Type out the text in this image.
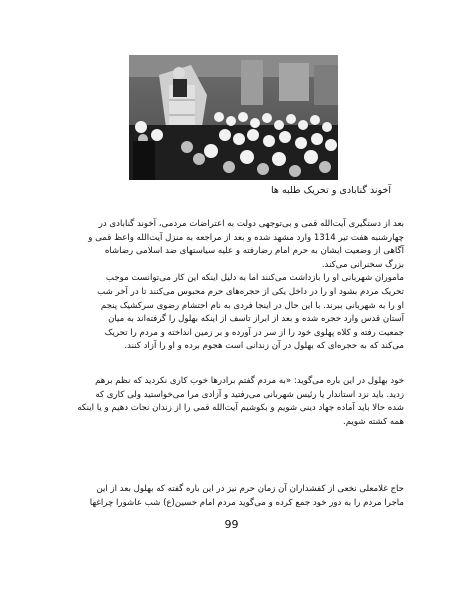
آخوند گنابادی و تحریک طلبه ها

بعد از دستگیری آیت‌الله قمی و بی‌توجهی دولت به اعتراضات مردمی، آخوند گنابادی در

چهارشنبه هفت تیر 1314 وارد مشهد شده و بعد از مراجعه به منزل آیت‌الله واعظ قمی و

آگاهی از وضعیت ایشان به حرم امام رضارفته و علیه سیاستهای ضد اسلامی رضاشاه

بزرگ سخنرانی می‌کند.

ماموران شهربانی او را بازداشت می‌کنند اما به دلیل اینکه این کار می‌توانست موجب

تحریک مردم بشود او را در داخل یکی از حجره‌های حرم محبوس می‌کنند تا در آخر شب

او را به شهربانی ببرند. با این حال در اینجا فردی به نام احتشام رضوی سرکشیک پنجم

آستان قدس وارد حجره شده و بعد از ابراز تاسف از اینکه بهلول را گرفته‌اند به میان

جمعیت رفته و کلاه پهلوی خود را از سر در آورده و بر زمین انداخته و مردم را تحریک

می‌کند که به حجره‌ای که بهلول در آن زندانی است هجوم برده و او را آزاد کنند.

خود بهلول در این باره می‌گوید: «به مردم گفتم برادرها خوب کاری نکردید که نظم برهم

زدید. باید نزد استاندار یا رئیس شهربانی می‌رفتید و آزادی مرا می‌خواستید ولی کاری که

شده حالا باید آماده جهاد دینی شویم و بکوشیم آیت‌الله قمی را از زندان نجات دهیم و یا اینکه

همه کشته شویم.

حاج غلامعلی نخعی از کفشداران آن زمان حرم نیز در این باره گفته که بهلول بعد از این

ماجرا مردم را به دور خود جمع کرده و می‌گوید مردم امام حسین(ع) شب عاشورا چراغها

99
